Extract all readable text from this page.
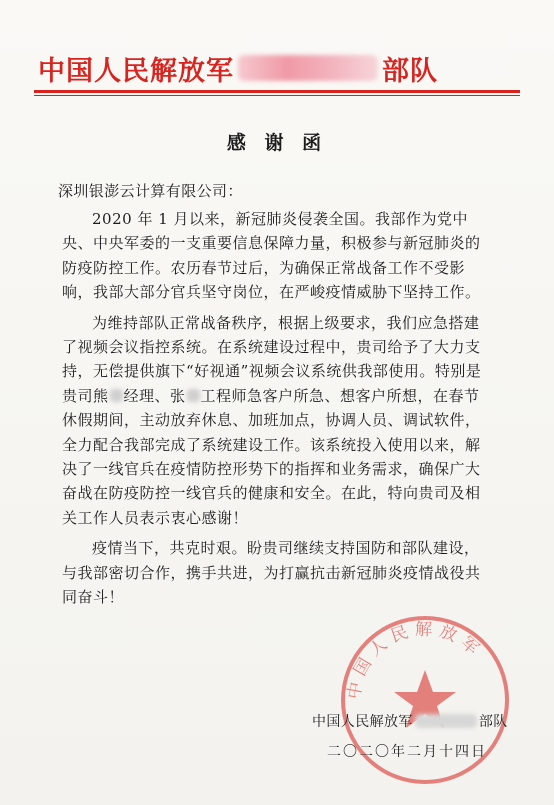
中国人民解放军	部队
感 谢 函
深圳银澎云计算有限公司：

2020 年 1 月以来，新冠肺炎侵袭全国。我部作为党中央、中央军委的一支重要信息保障力量，积极参与新冠肺炎的防疫防控工作。农历春节过后，为确保正常战备工作不受影响，我部大部分官兵坚守岗位，在严峻疫情威胁下坚持工作。

为维持部队正常战备秩序，根据上级要求，我们应急搭建了视频会议指控系统。在系统建设过程中，贵司给予了大力支持，无偿提供旗下“好视通”视频会议系统供我部使用。特别是贵司熊 经理、张 工程师急客户所急、想客户所想，在春节休假期间，主动放弃休息、加班加点，协调人员、调试软件，全力配合我部完成了系统建设工作。该系统投入使用以来，解决了一线官兵在疫情防控形势下的指挥和业务需求，确保广大奋战在防疫防控一线官兵的健康和安全。在此，特向贵司及相关工作人员表示衷心感谢！

疫情当下，共克时艰。盼贵司继续支持国防和部队建设，与我部密切合作，携手共进，为打赢抗击新冠肺炎疫情战役共同奋斗！

中国人民解放军
中国人民解放军	部队
二〇二〇年二月十四日
